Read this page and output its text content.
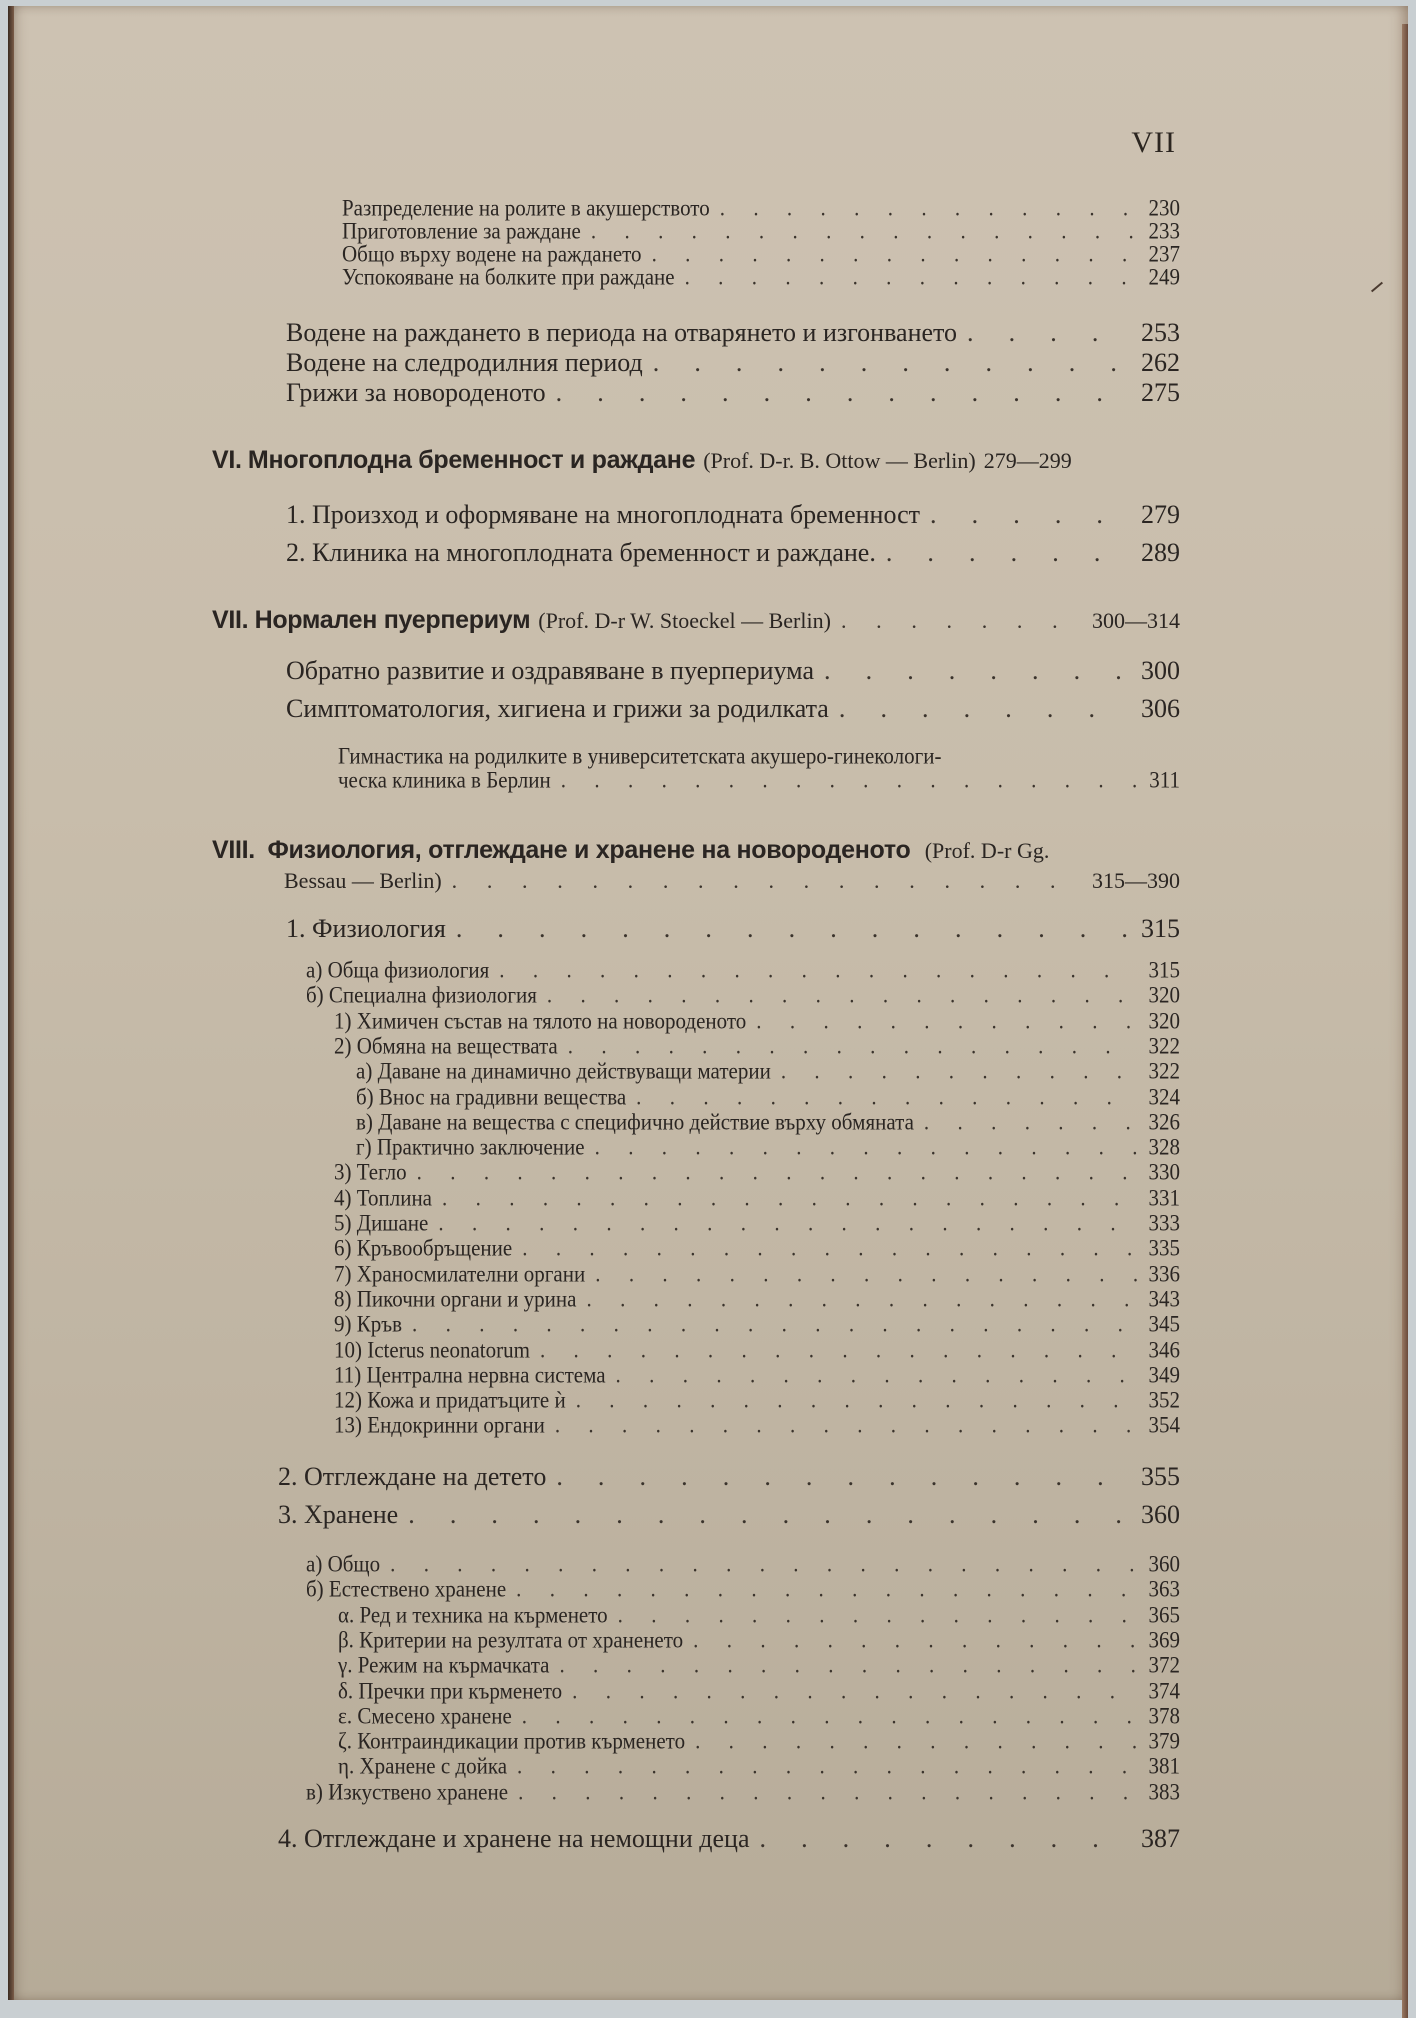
VII
Разпределение на ролите в акушерството . . .	230
Приготовление за раждане . . .	233
Общо върху водене на раждането . . .	237
Успокояване на болките при раждане . . .	249
Водене на раждането в периода на отварянето и изгонването . . .	253
Водене на следродилния период . . .	262
Грижи за новороденото . . .	275
VI.
Многоплодна бременност и раждане (Prof. D-r. B. Ottow — Berlin) 279—299
1. Произход и оформяване на многоплодната бременност . . .	279
2. Клиника на многоплодната бременност и раждане. . . .	289
VII.
Нормален пуерпериум (Prof. D-r W. Stoeckel — Berlin) . . .	300—314
Обратно развитие и оздравяване в пуерпериума . . .	300
Симптоматология, хигиена и грижи за родилката . . .	306
Гимнастика на родилките в университетската акушеро-гинекологи-
ческа клиника в Берлин . . .	311
VIII. Физиология, отглеждане и хранене на новороденото (Prof. D-r Gg.
Bessau — Berlin) . . .	315—390
1. Физиология . . .	315
а) Обща физиология . . .	315
б) Специална физиология . . .	320
1) Химичен състав на тялото на новороденото . . .	320
2) Обмяна на веществата . . .	322
а) Даване на динамично действуващи материи . . .	322
б) Внос на градивни вещества . . .	324
в) Даване на вещества с специфично действие върху обмяната . . .	326
г) Практично заключение . . .	328
3) Тегло . . .	330
4) Топлина . . .	331
5) Дишане . . .	333
6) Кръвообръщение . . .	335
7) Храносмилателни органи . . .	336
8) Пикочни органи и урина . . .	343
9) Кръв . . .	345
10) Icterus neonatorum . . .	346
11) Централна нервна система . . .	349
12) Кожа и придатъците ѝ . . .	352
13) Ендокринни органи . . .	354
2. Отглеждане на детето . . .	355
3. Хранене . . .	360
а) Общо . . .	360
б) Естествено хранене . . .	363
α. Ред и техника на кърменето . . .	365
β. Критерии на резултата от храненето . . .	369
γ. Режим на кърмачката . . .	372
δ. Пречки при кърменето . . .	374
ε. Смесено хранене . . .	378
ζ. Контраиндикации против кърменето . . .	379
η. Хранене с дойка . . .	381
в) Изкуствено хранене . . .	383
4. Отглеждане и хранене на немощни деца . . .	387
